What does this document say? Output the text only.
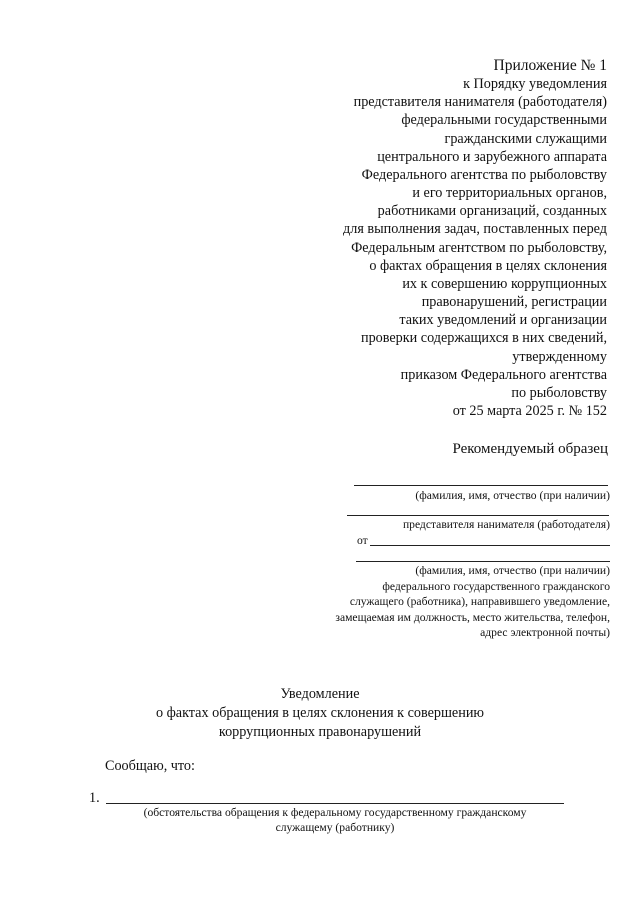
Приложение № 1
к Порядку уведомления
представителя нанимателя (работодателя)
федеральными государственными
гражданскими служащими
центрального и зарубежного аппарата
Федерального агентства по рыболовству
и его территориальных органов,
работниками организаций, созданных
для выполнения задач, поставленных перед
Федеральным агентством по рыболовству,
о фактах обращения в целях склонения
их к совершению коррупционных
правонарушений, регистрации
таких уведомлений и организации
проверки содержащихся в них сведений,
утвержденному
приказом Федерального агентства
по рыболовству
от 25 марта 2025 г. № 152
Рекомендуемый образец
(фамилия, имя, отчество (при наличии)
представителя нанимателя (работодателя)
от
(фамилия, имя, отчество (при наличии)
федерального государственного гражданского
служащего (работника), направившего уведомление,
замещаемая им должность, место жительства, телефон,
адрес электронной почты)
Уведомление
о фактах обращения в целях склонения к совершению
коррупционных правонарушений
Сообщаю, что:
1.
(обстоятельства обращения к федеральному государственному гражданскому
служащему (работнику)
